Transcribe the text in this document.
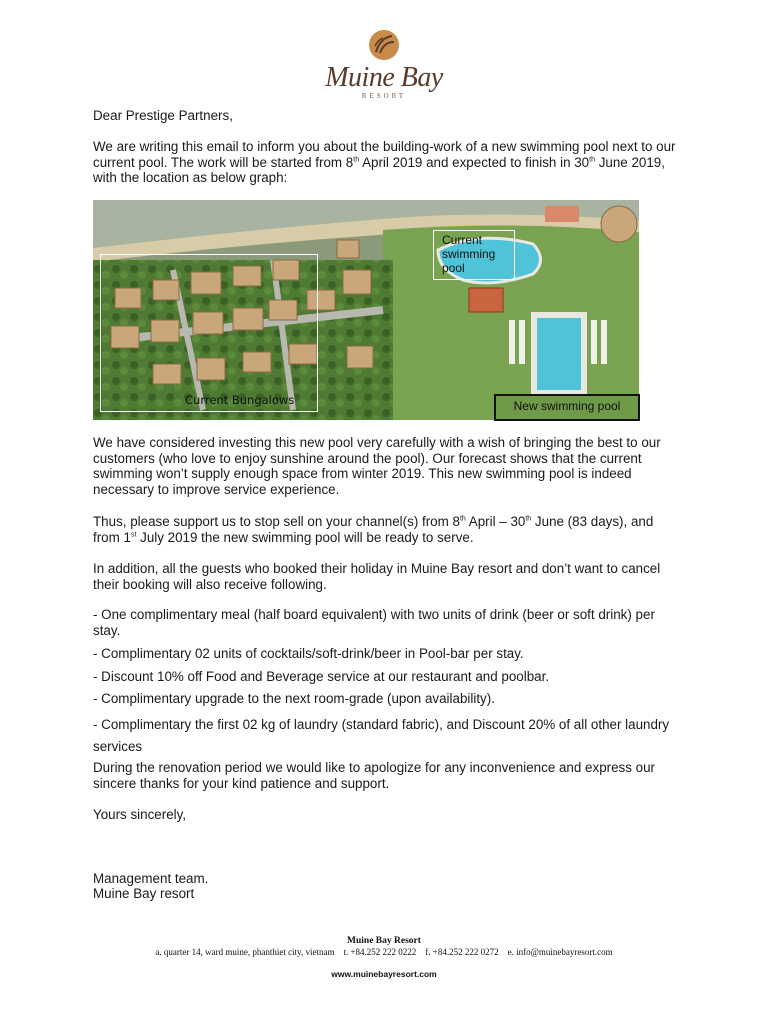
Muine Bay
RESORT
Dear Prestige Partners,
We are writing this email to inform you about the building-work of a new swimming pool next to our current pool. The work will be started from 8th April 2019 and expected to finish in 30th June 2019, with the location as below graph:
Current swimming pool
Current Bungalows	New swimming pool
We have considered investing this new pool very carefully with a wish of bringing the best to our customers (who love to enjoy sunshine around the pool). Our forecast shows that the current swimming won’t supply enough space from winter 2019. This new swimming pool is indeed necessary to improve service experience.
Thus, please support us to stop sell on your channel(s) from 8th April – 30th June (83 days), and from 1st July 2019 the new swimming pool will be ready to serve.
In addition, all the guests who booked their holiday in Muine Bay resort and don’t want to cancel their booking will also receive following.
- One complimentary meal (half board equivalent) with two units of drink (beer or soft drink) per stay.
- Complimentary 02 units of cocktails/soft-drink/beer in Pool-bar per stay.
- Discount 10% off Food and Beverage service at our restaurant and poolbar.
- Complimentary upgrade to the next room-grade (upon availability).
- Complimentary the first 02 kg of laundry (standard fabric), and Discount 20% of all other laundry services
During the renovation period we would like to apologize for any inconvenience and express our sincere thanks for your kind patience and support.
Yours sincerely,
Management team.
Muine Bay resort
Muine Bay Resort
a. quarter 14, ward muine, phanthiet city, vietnam t. +84.252 222 0222 f. +84.252 222 0272 e. info@muinebayresort.com
www.muinebayresort.com
